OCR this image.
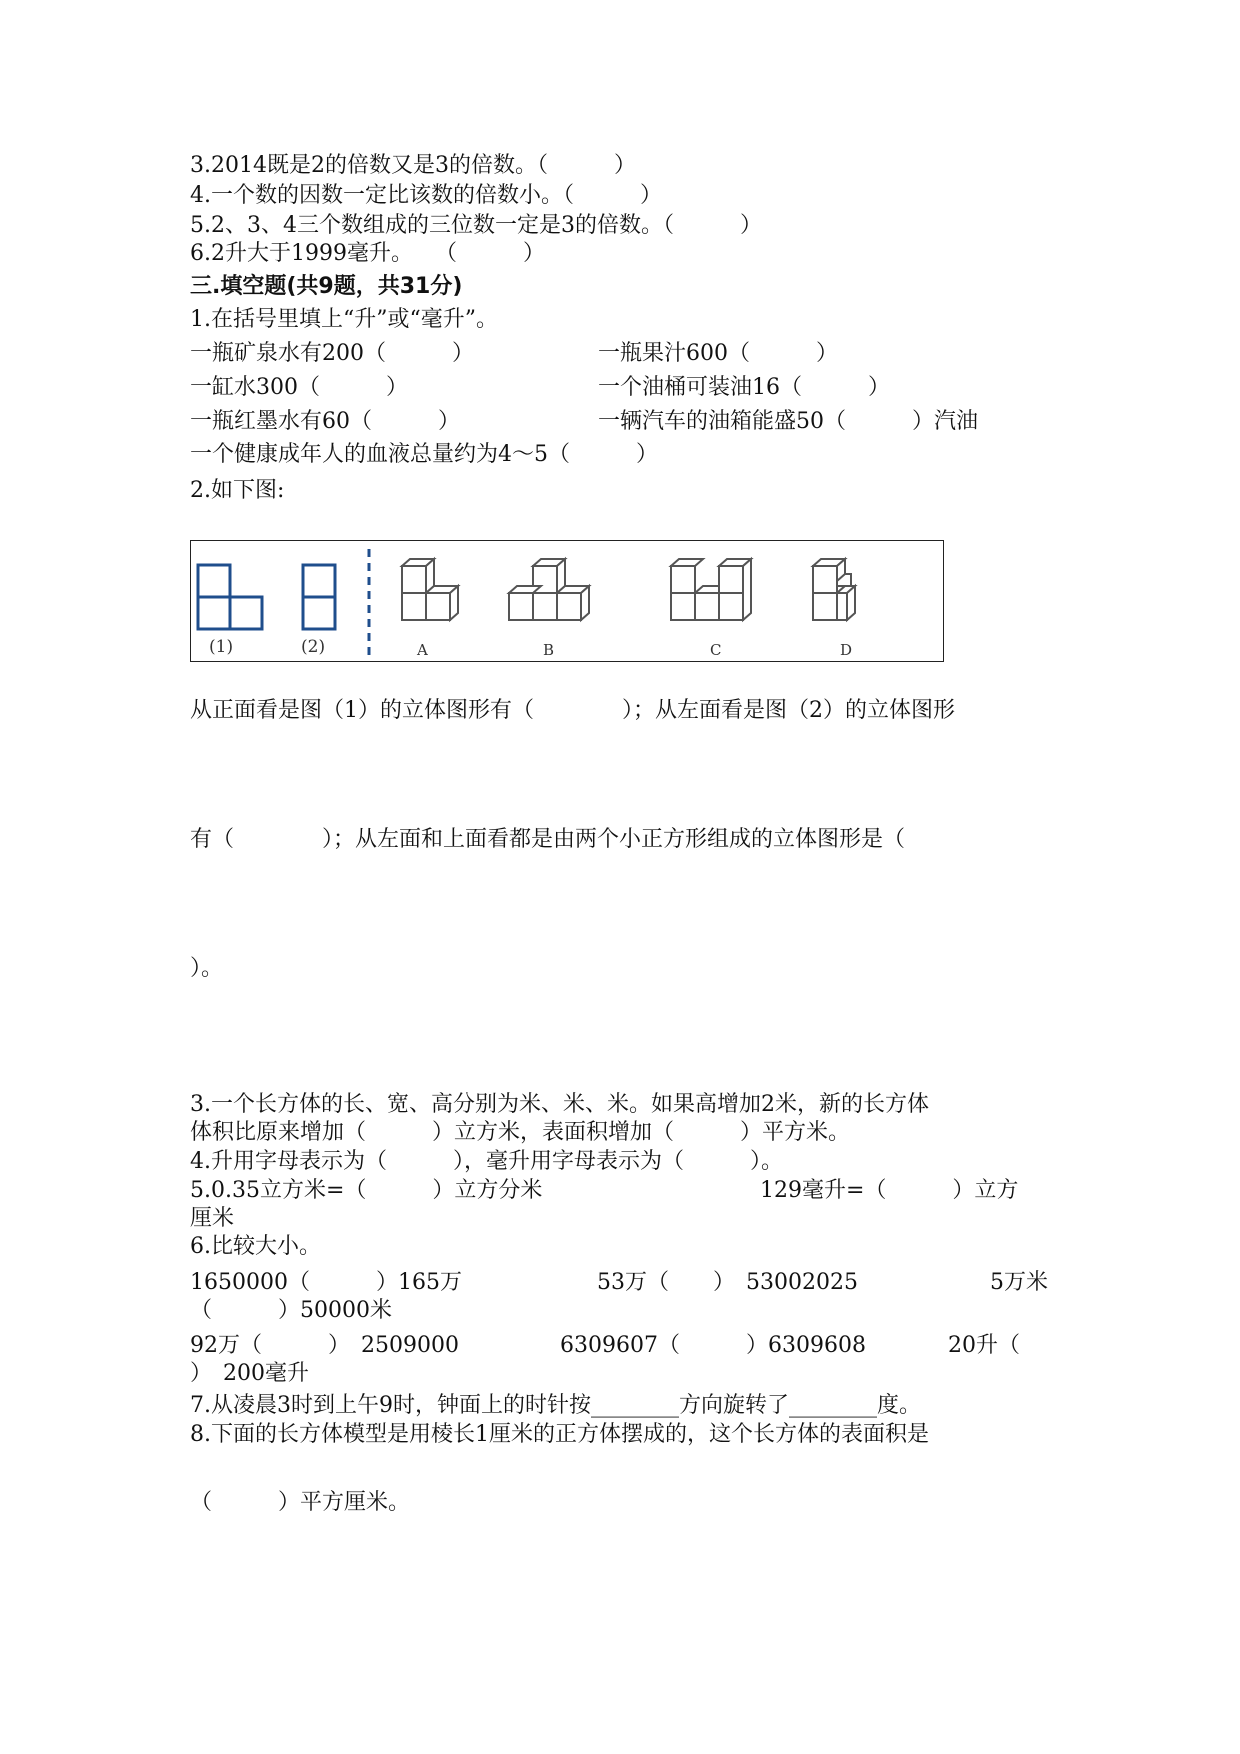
3.2014既是2的倍数又是3的倍数。（　　　）
4.一个数的因数一定比该数的倍数小。（　　　）
5.2、3、4三个数组成的三位数一定是3的倍数。（　　　）
6.2升大于1999毫升。　　（　　　）
三.填空题(共9题，共31分)
1.在括号里填上“升”或“毫升”。
一瓶矿泉水有200（　　　）	一瓶果汁600（　　　）
一缸水300（　　　）	一个油桶可装油16（　　　）
一瓶红墨水有60（　　　）	一辆汽车的油箱能盛50（　　　）汽油
一个健康成年人的血液总量约为4～5（　　　）
2.如下图:
(1)	(2)	A	B	C	D
从正面看是图（1）的立体图形有（　　　　）；从左面看是图（2）的立体图形
有（　　　　）；从左面和上面看都是由两个小正方形组成的立体图形是（
）。
3.一个长方体的长、宽、高分别为米、米、米。如果高增加2米，新的长方体
体积比原来增加（　　　）立方米，表面积增加（　　　）平方米。
4.升用字母表示为（　　　），毫升用字母表示为（　　　）。
5.0.35立方米=（　　　）立方分米	129毫升=（　　　）立方
厘米
6.比较大小。
1650000（　　　）165万	53万（　　）　53002025	5万米
（　　　）50000米
92万（　　　）　2509000	6309607（　　　）6309608	20升（
）　200毫升
7.从凌晨3时到上午9时，钟面上的时针按________方向旋转了________度。
8.下面的长方体模型是用棱长1厘米的正方体摆成的，这个长方体的表面积是
（　　　）平方厘米。
